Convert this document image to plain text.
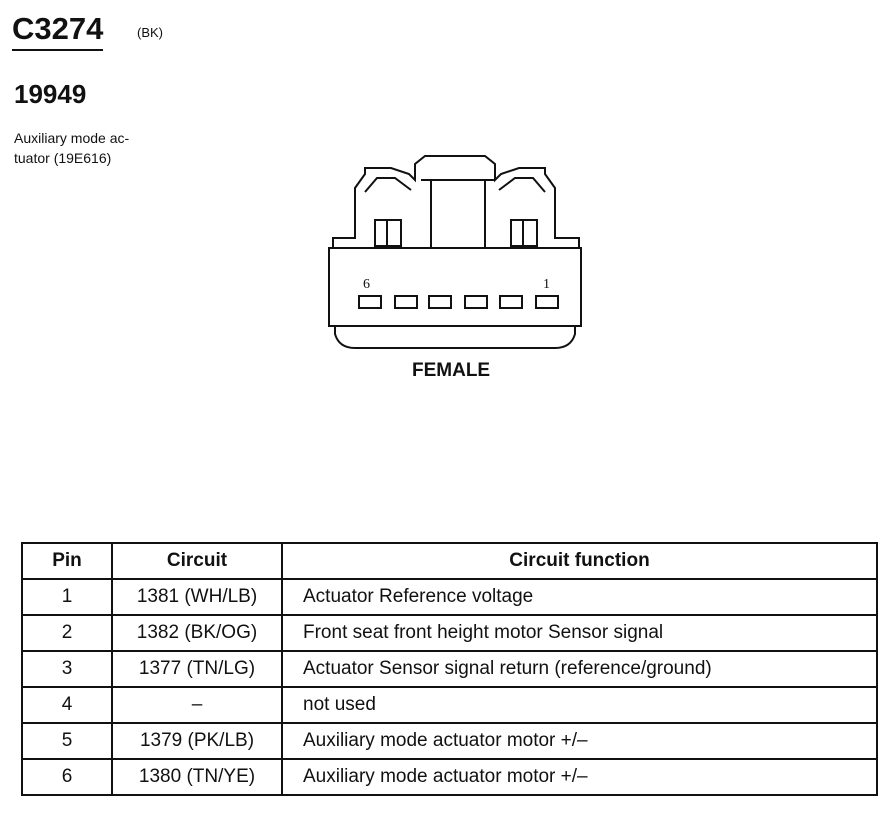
C3274	(BK)
19949
Auxiliary mode ac-
tuator (19E616)
6	1
FEMALE
Pin	Circuit	Circuit function
1	1381 (WH/LB)	Actuator Reference voltage
2	1382 (BK/OG)	Front seat front height motor Sensor signal
3	1377 (TN/LG)	Actuator Sensor signal return (reference/ground)
4	–	not used
5	1379 (PK/LB)	Auxiliary mode actuator motor +/–
6	1380 (TN/YE)	Auxiliary mode actuator motor +/–
